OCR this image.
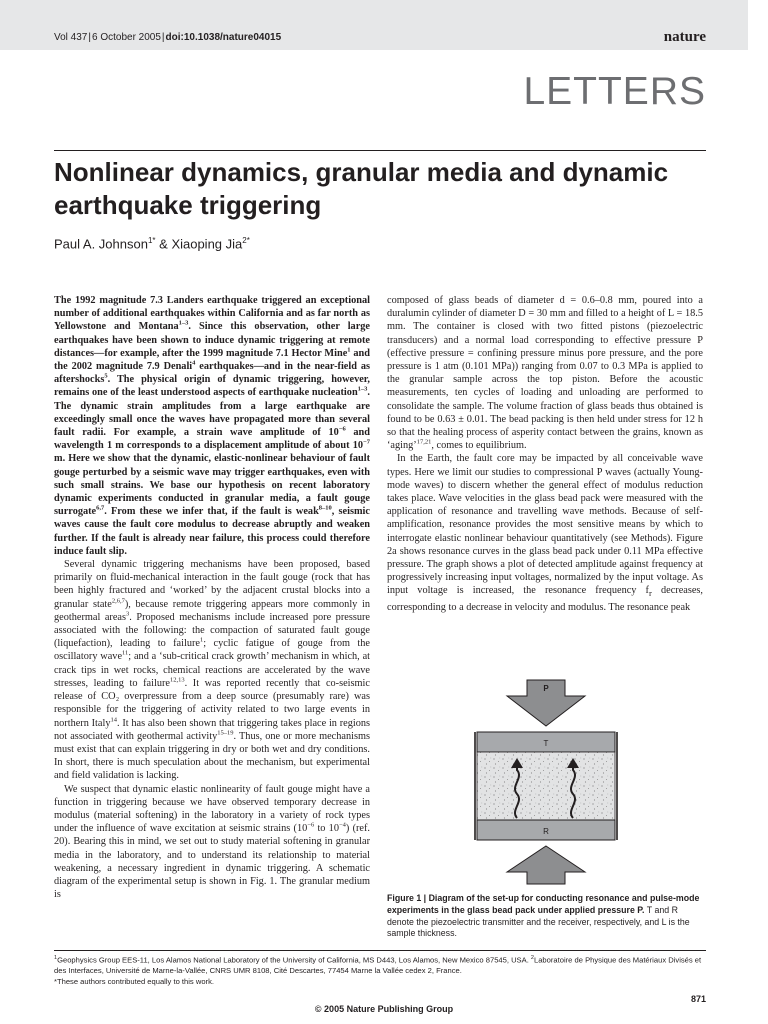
Vol 437|6 October 2005|doi:10.1038/nature04015	nature
LETTERS
Nonlinear dynamics, granular media and dynamic earthquake triggering
Paul A. Johnson$^{1*}$ & Xiaoping Jia$^{2*}$

The 1992 magnitude 7.3 Landers earthquake triggered an exceptional number of additional earthquakes within California and as far north as Yellowstone and Montana$^{1-3}$. Since this observation, other large earthquakes have been shown to induce dynamic triggering at remote distances—for example, after the 1999 magnitude 7.1 Hector Mine$^1$ and the 2002 magnitude 7.9 Denali$^4$ earthquakes—and in the near-field as aftershocks$^5$. The physical origin of dynamic triggering, however, remains one of the least understood aspects of earthquake nucleation$^{1-3}$. The dynamic strain amplitudes from a large earthquake are exceedingly small once the waves have propagated more than several fault radii. For example, a strain wave amplitude of $10^{-6}$ and wavelength 1 m corresponds to a displacement amplitude of about $10^{-7}$ m. Here we show that the dynamic, elastic-nonlinear behaviour of fault gouge perturbed by a seismic wave may trigger earthquakes, even with such small strains. We base our hypothesis on recent laboratory dynamic experiments conducted in granular media, a fault gouge surrogate$^{6,7}$. From these we infer that, if the fault is weak$^{8-10}$, seismic waves cause the fault core modulus to decrease abruptly and weaken further. If the fault is already near failure, this process could therefore induce fault slip.

Several dynamic triggering mechanisms have been proposed, based primarily on fluid-mechanical interaction in the fault gouge (rock that has been highly fractured and ‘worked’ by the adjacent crustal blocks into a granular state$^{2,6,7}$), because remote triggering appears more commonly in geothermal areas$^3$. Proposed mechanisms include increased pore pressure associated with the following: the compaction of saturated fault gouge (liquefaction), leading to failure$^1$; cyclic fatigue of gouge from the oscillatory wave$^{11}$; and a ‘sub-critical crack growth’ mechanism in which, at crack tips in wet rocks, chemical reactions are accelerated by the wave stresses, leading to failure$^{12,13}$. It was reported recently that co-seismic release of CO₂ overpressure from a deep source (presumably rare) was responsible for the triggering of activity related to two large events in northern Italy$^{14}$. It has also been shown that triggering takes place in regions not associated with geothermal activity$^{15-19}$. Thus, one or more mechanisms must exist that can explain triggering in dry or both wet and dry conditions. In short, there is much speculation about the mechanism, but experimental and field validation is lacking.

We suspect that dynamic elastic nonlinearity of fault gouge might have a function in triggering because we have observed temporary decrease in modulus (material softening) in the laboratory in a variety of rock types under the influence of wave excitation at seismic strains ($10^{-6}$ to $10^{-4}$) (ref. 20). Bearing this in mind, we set out to study material softening in granular media in the laboratory, and to understand its relationship to material weakening, a necessary ingredient in dynamic triggering. A schematic diagram of the experimental setup is shown in Fig. 1. The granular medium is

composed of glass beads of diameter d = 0.6–0.8 mm, poured into a duralumin cylinder of diameter D = 30 mm and filled to a height of L = 18.5 mm. The container is closed with two fitted pistons (piezoelectric transducers) and a normal load corresponding to effective pressure P (effective pressure = confining pressure minus pore pressure, and the pore pressure is 1 atm (0.101 MPa)) ranging from 0.07 to 0.3 MPa is applied to the granular sample across the top piston. Before the acoustic measurements, ten cycles of loading and unloading are performed to consolidate the sample. The volume fraction of glass beads thus obtained is found to be 0.63 ± 0.01. The bead packing is then held under stress for 12 h so that the healing process of asperity contact between the grains, known as ‘aging’$^{17,21}$, comes to equilibrium.

In the Earth, the fault core may be impacted by all conceivable wave types. Here we limit our studies to compressional P waves (actually Young-mode waves) to discern whether the general effect of modulus reduction takes place. Wave velocities in the glass bead pack were measured with the application of resonance and travelling wave methods. Because of self-amplification, resonance provides the most sensitive means by which to interrogate elastic nonlinear behaviour quantitatively (see Methods). Figure 2a shows resonance curves in the glass bead pack under 0.11 MPa effective pressure. The graph shows a plot of detected amplitude against frequency at progressively increasing input voltages, normalized by the input voltage. As input voltage is increased, the resonance frequency $f_r$ decreases, corresponding to a decrease in velocity and modulus. The resonance peak

P
T
R
Figure 1 | Diagram of the set-up for conducting resonance and pulse-mode experiments in the glass bead pack under applied pressure P. T and R denote the piezoelectric transmitter and the receiver, respectively, and L is the sample thickness.

$^1$Geophysics Group EES-11, Los Alamos National Laboratory of the University of California, MS D443, Los Alamos, New Mexico 87545, USA. $^2$Laboratoire de Physique des Matériaux Divisés et des Interfaces, Université de Marne-la-Vallée, CNRS UMR 8108, Cité Descartes, 77454 Marne la Vallée cedex 2, France.

*These authors contributed equally to this work.

871
© 2005 Nature Publishing Group
